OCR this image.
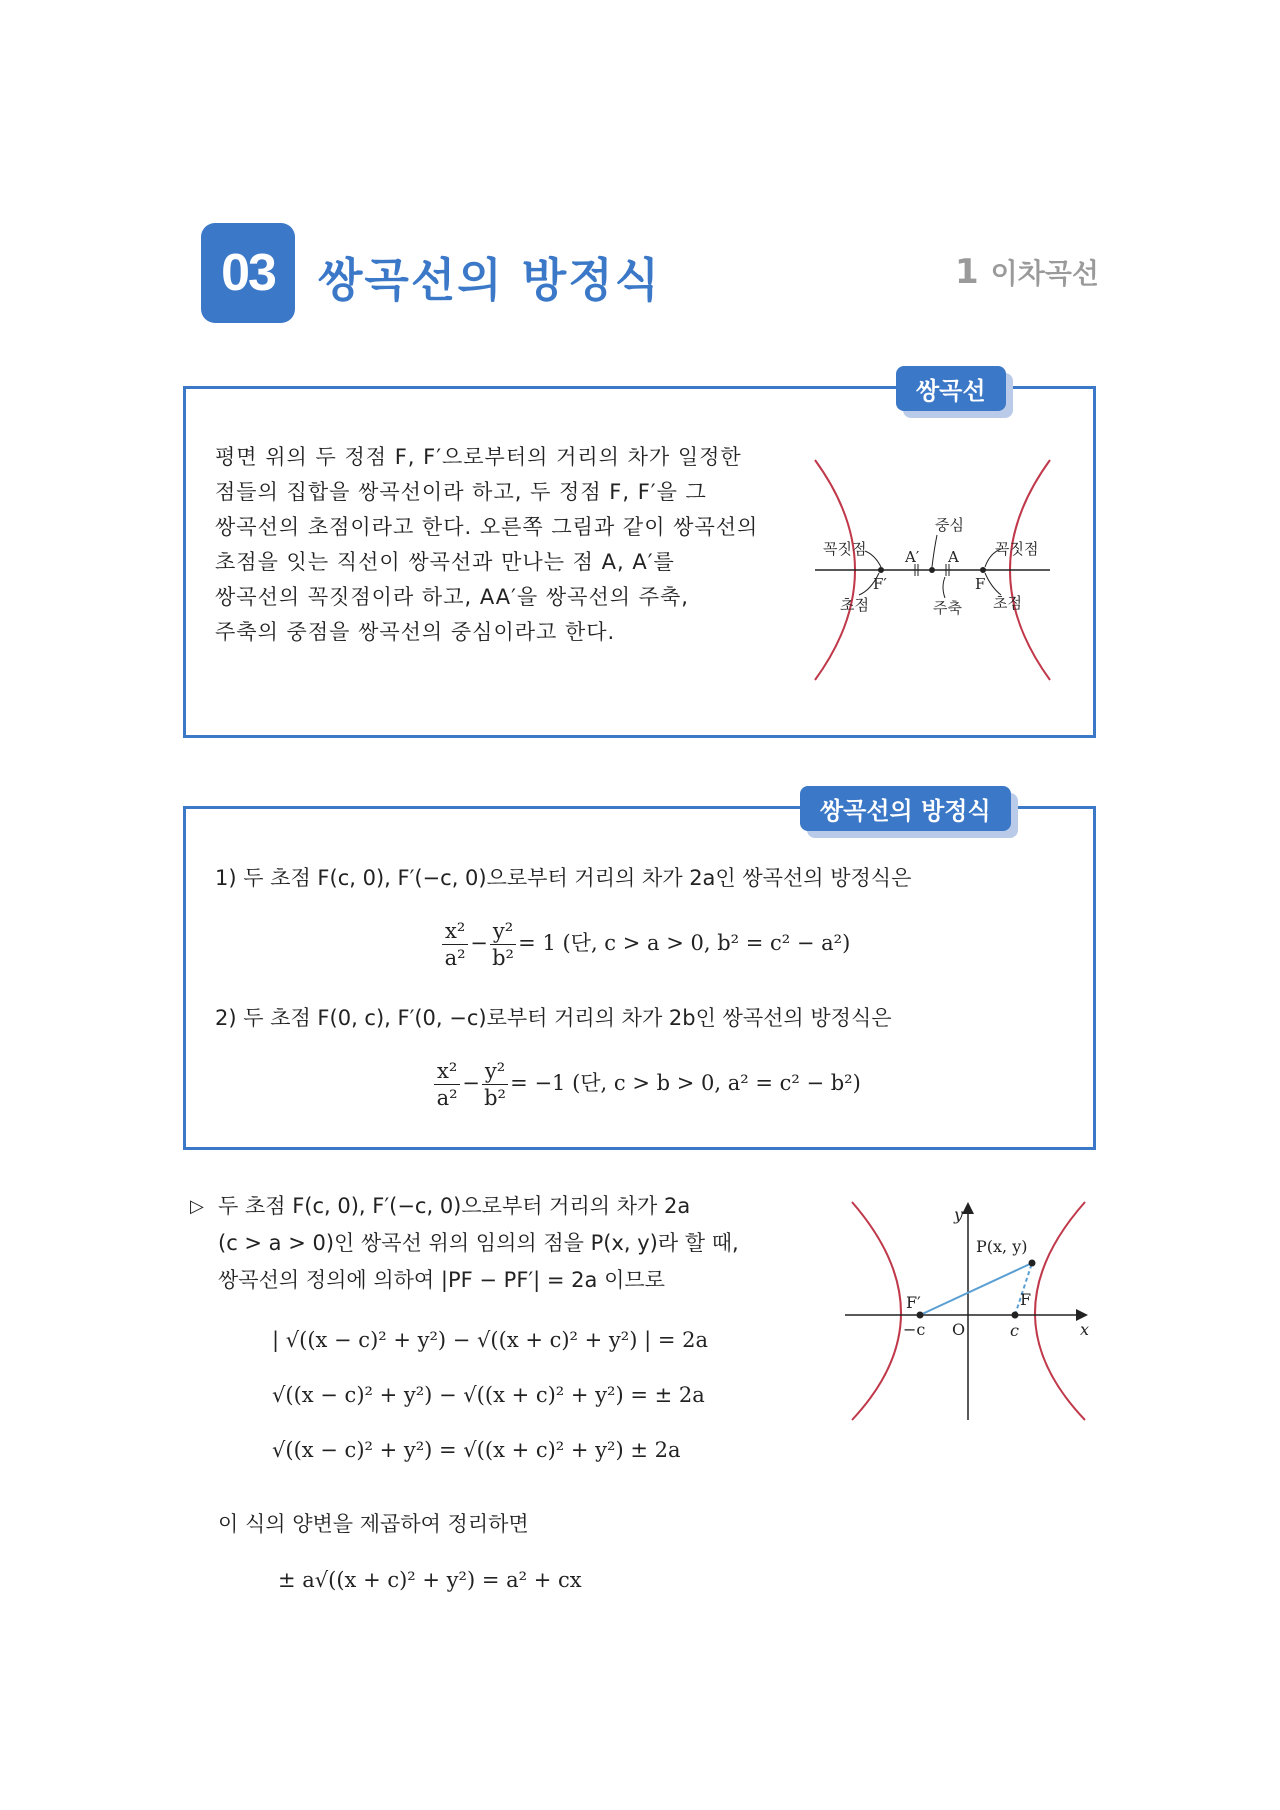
03 쌍곡선의 방정식	1 이차곡선
쌍곡선
평면 위의 두 정점 F, F′으로부터의 거리의 차가 일정한
점들의 집합을 쌍곡선이라 하고, 두 정점 F, F′을 그
쌍곡선의 초점이라고 한다. 오른쪽 그림과 같이 쌍곡선의
초점을 잇는 직선이 쌍곡선과 만나는 점 A, A′를
쌍곡선의 꼭짓점이라 하고, AA′을 쌍곡선의 주축,
주축의 중점을 쌍곡선의 중심이라고 한다.
꼭짓점	꼭짓점
중심
초점	초점
주축
A′ A
F′	F
쌍곡선의 방정식
1) 두 초점 F(c, 0), F′(−c, 0)으로부터 거리의 차가 2a인 쌍곡선의 방정식은
$\frac{\text{x²}}{\text{a²}} - \frac{\text{y²}}{\text{b²}} = 1$ (단, c > a > 0, b² = c² − a²)
2) 두 초점 F(0, c), F′(0, −c)로부터 거리의 차가 2b인 쌍곡선의 방정식은
$\frac{\text{x²}}{\text{a²}} - \frac{\text{y²}}{\text{b²}} = -1$ (단, c > b > 0, a² = c² − b²)
▷ 두 초점 F(c, 0), F′(−c, 0)으로부터 거리의 차가 2a
(c > a > 0)인 쌍곡선 위의 임의의 점을 P(x, y)라 할 때,
쌍곡선의 정의에 의하여 |PF − PF′| = 2a 이므로
| √((x − c)² + y²) − √((x + c)² + y²) | = 2a
√((x − c)² + y²) − √((x + c)² + y²) = ± 2a
√((x − c)² + y²) = √((x + c)² + y²) ± 2a
이 식의 양변을 제곱하여 정리하면
± a√((x + c)² + y²) = a² + cx
P(x, y)
y
x
O
F′	F
−c	c
